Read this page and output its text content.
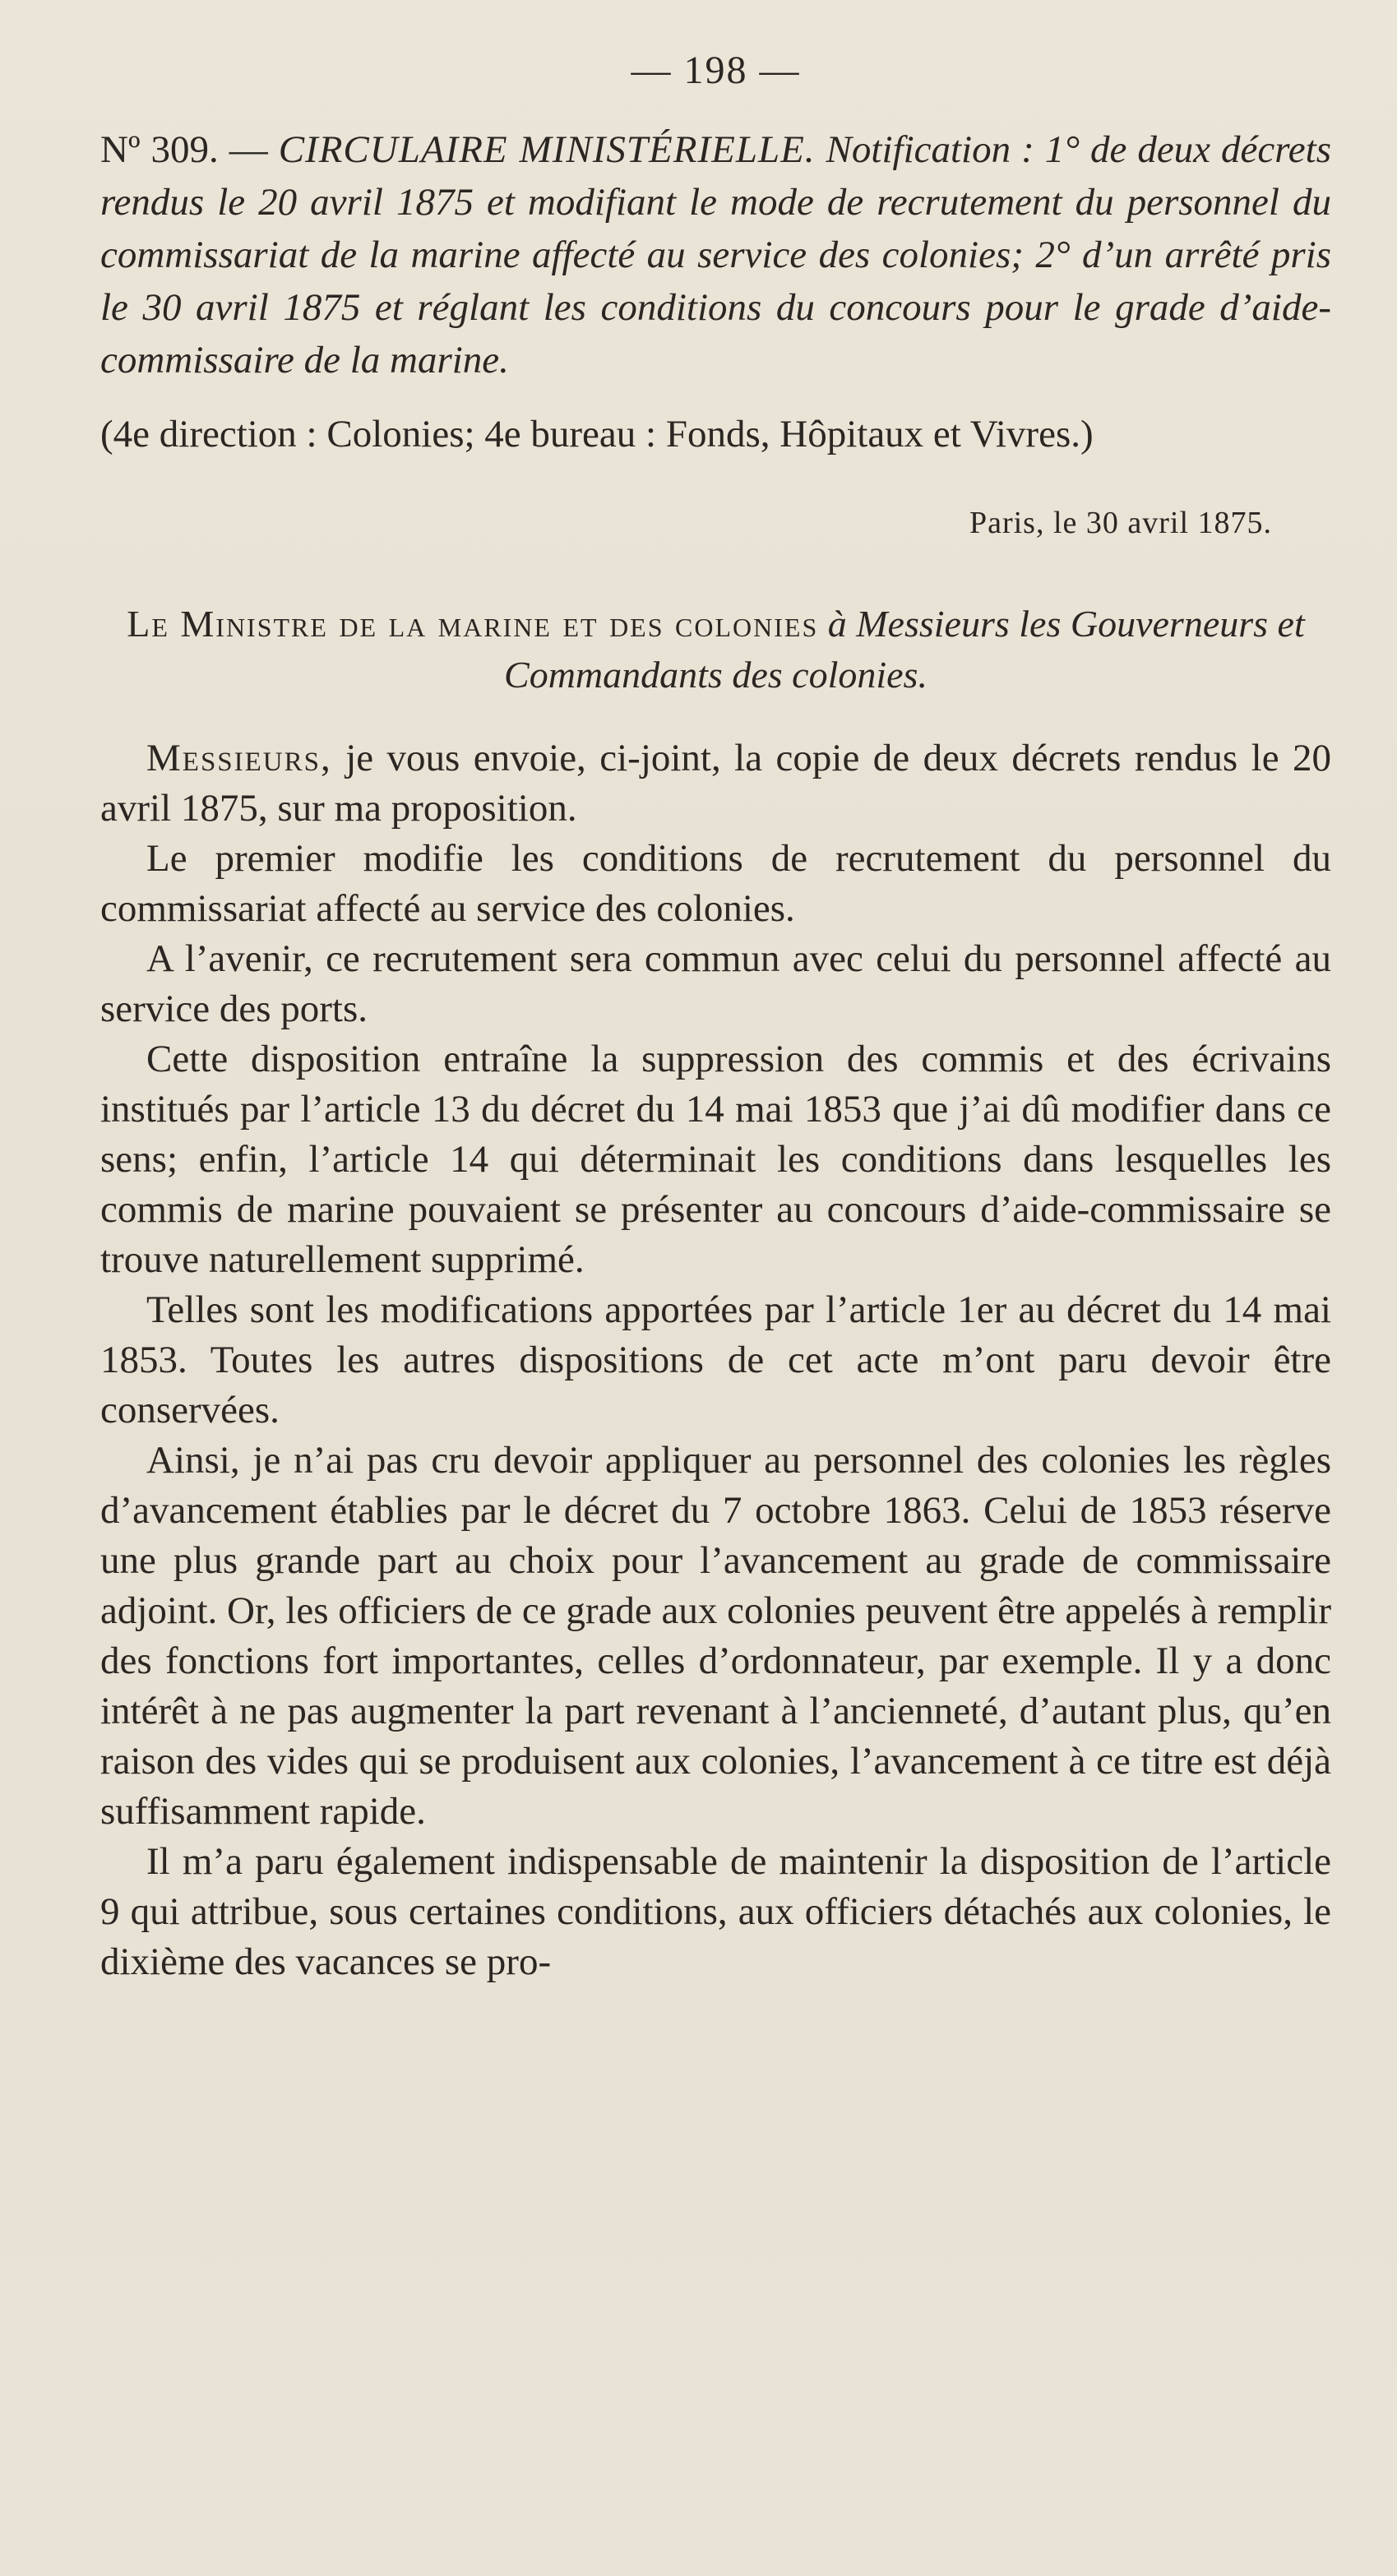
— 198 —

Nº 309. — CIRCULAIRE MINISTÉRIELLE. Notification : 1° de deux décrets rendus le 20 avril 1875 et modifiant le mode de recrutement du personnel du commissariat de la marine affecté au service des colonies; 2° d’un arrêté pris le 30 avril 1875 et réglant les conditions du concours pour le grade d’aide-commissaire de la marine.

(4e direction : Colonies; 4e bureau : Fonds, Hôpitaux et Vivres.)

Paris, le 30 avril 1875.

Le Ministre de la marine et des colonies à Messieurs les Gouverneurs et Commandants des colonies.

Messieurs, je vous envoie, ci-joint, la copie de deux décrets rendus le 20 avril 1875, sur ma proposition.

Le premier modifie les conditions de recrutement du personnel du commissariat affecté au service des colonies.

A l’avenir, ce recrutement sera commun avec celui du personnel affecté au service des ports.

Cette disposition entraîne la suppression des commis et des écrivains institués par l’article 13 du décret du 14 mai 1853 que j’ai dû modifier dans ce sens; enfin, l’article 14 qui déterminait les conditions dans lesquelles les commis de marine pouvaient se présenter au concours d’aide-commissaire se trouve naturellement supprimé.

Telles sont les modifications apportées par l’article 1er au décret du 14 mai 1853. Toutes les autres dispositions de cet acte m’ont paru devoir être conservées.

Ainsi, je n’ai pas cru devoir appliquer au personnel des colonies les règles d’avancement établies par le décret du 7 octobre 1863. Celui de 1853 réserve une plus grande part au choix pour l’avancement au grade de commissaire adjoint. Or, les officiers de ce grade aux colonies peuvent être appelés à remplir des fonctions fort importantes, celles d’ordonnateur, par exemple. Il y a donc intérêt à ne pas augmenter la part revenant à l’ancienneté, d’autant plus, qu’en raison des vides qui se produisent aux colonies, l’avancement à ce titre est déjà suffisamment rapide.

Il m’a paru également indispensable de maintenir la disposition de l’article 9 qui attribue, sous certaines conditions, aux officiers détachés aux colonies, le dixième des vacances se pro-
